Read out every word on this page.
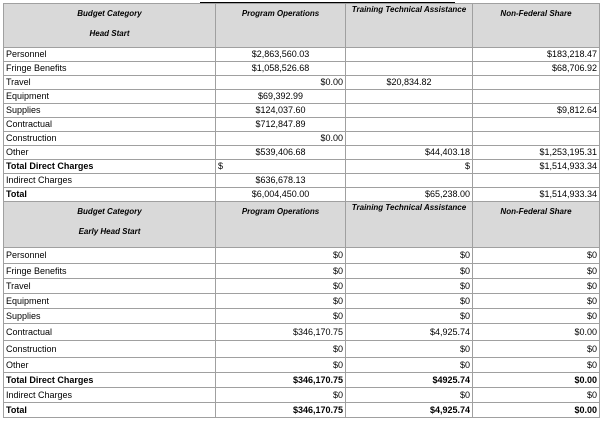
Budget Category
Head Start	Program Operations	Training Technical Assistance	Non-Federal Share
Personnel	$2,863,560.03		$183,218.47
Fringe Benefits	$1,058,526.68		$68,706.92
Travel	$0.00	$20,834.82	
Equipment	$69,392.99		
Supplies	$124,037.60		$9,812.64
Contractual	$712,847.89		
Construction	$0.00		
Other	$539,406.68	$44,403.18	$1,253,195.31
Total Direct Charges	$	$	$1,514,933.34
Indirect Charges	$636,678.13		
Total	$6,004,450.00	$65,238.00	$1,514,933.34
Budget Category
Early Head Start	Program Operations	Training Technical Assistance	Non-Federal Share
Personnel	$0	$0	$0
Fringe Benefits	$0	$0	$0
Travel	$0	$0	$0
Equipment	$0	$0	$0
Supplies	$0	$0	$0
Contractual	$346,170.75	$4,925.74	$0.00
Construction	$0	$0	$0
Other	$0	$0	$0
Total Direct Charges	$346,170.75	$4925.74	$0.00
Indirect Charges	$0	$0	$0
Total	$346,170.75	$4,925.74	$0.00
